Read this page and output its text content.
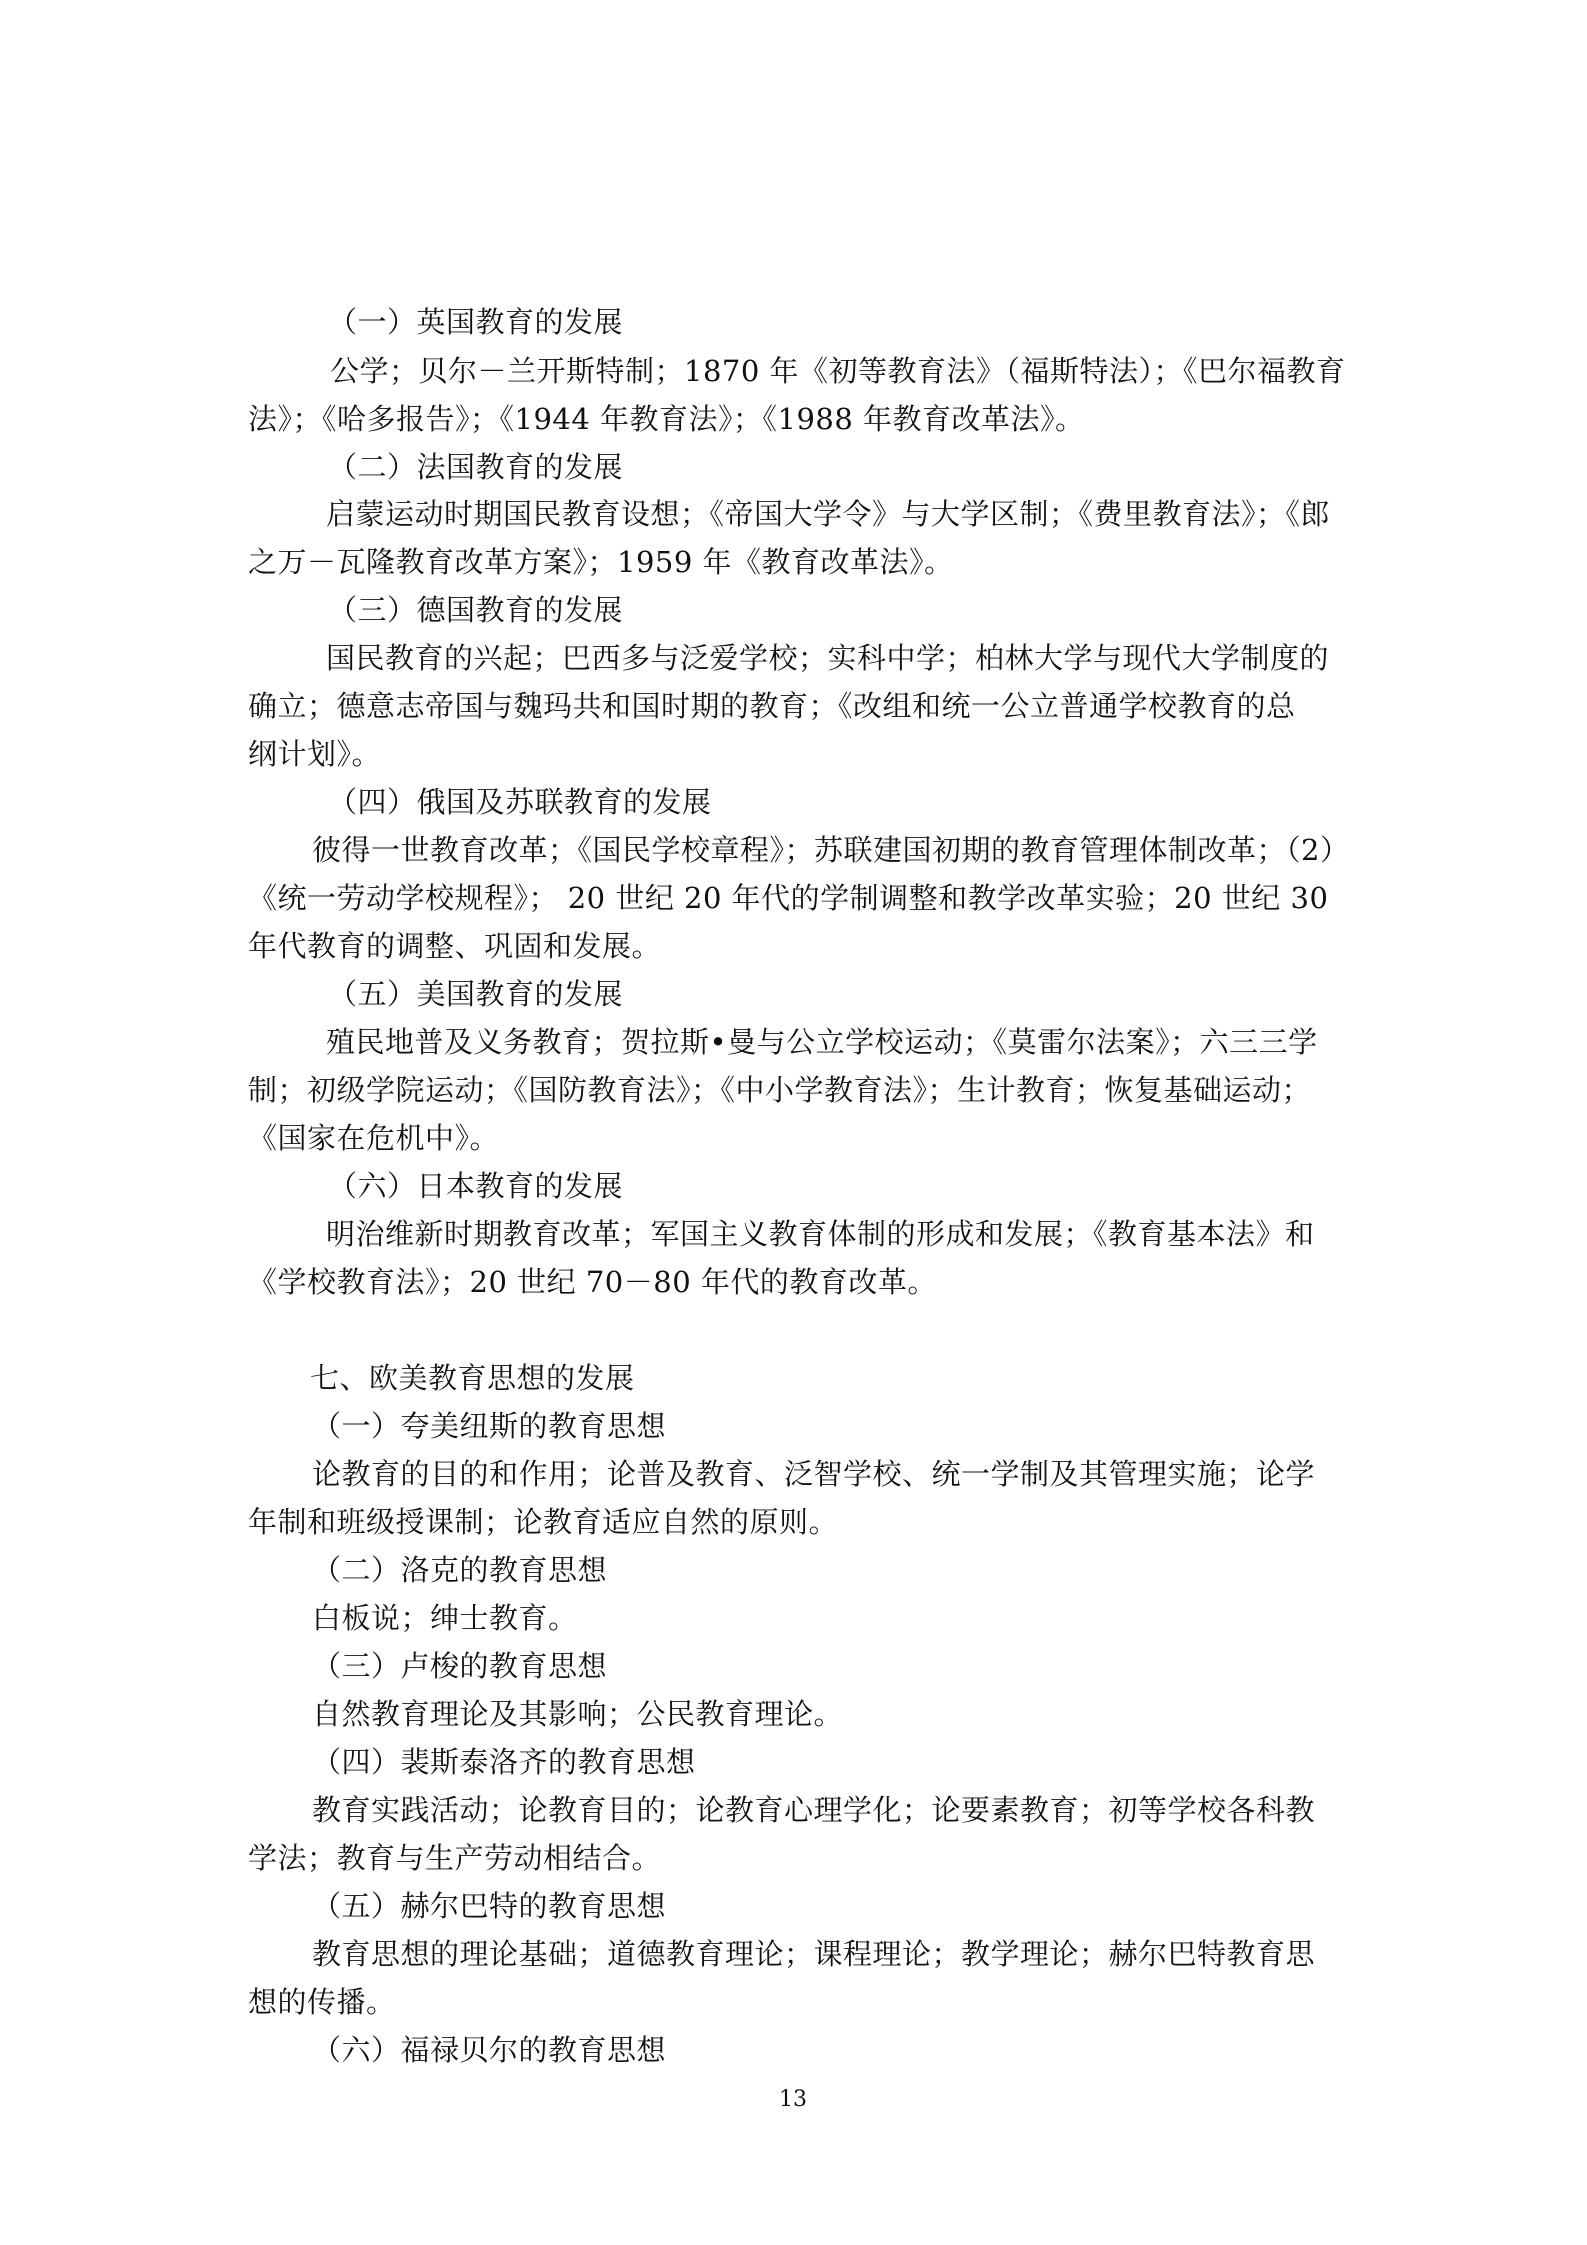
（一）英国教育的发展
公学；贝尔－兰开斯特制；1870 年《初等教育法》（福斯特法）；《巴尔福教育
法》；《哈多报告》；《1944 年教育法》；《1988 年教育改革法》。
（二）法国教育的发展
启蒙运动时期国民教育设想；《帝国大学令》与大学区制；《费里教育法》；《郎
之万－瓦隆教育改革方案》；1959 年《教育改革法》。
（三）德国教育的发展
国民教育的兴起；巴西多与泛爱学校；实科中学；柏林大学与现代大学制度的
确立；德意志帝国与魏玛共和国时期的教育；《改组和统一公立普通学校教育的总
纲计划》。
（四）俄国及苏联教育的发展
彼得一世教育改革；《国民学校章程》；苏联建国初期的教育管理体制改革；（2）
《统一劳动学校规程》； 20 世纪 20 年代的学制调整和教学改革实验；20 世纪 30
年代教育的调整、巩固和发展。
（五）美国教育的发展
殖民地普及义务教育；贺拉斯•曼与公立学校运动；《莫雷尔法案》；六三三学
制；初级学院运动；《国防教育法》；《中小学教育法》；生计教育；恢复基础运动；
《国家在危机中》。
（六）日本教育的发展
明治维新时期教育改革；军国主义教育体制的形成和发展；《教育基本法》和
《学校教育法》；20 世纪 70－80 年代的教育改革。
七、欧美教育思想的发展
（一）夸美纽斯的教育思想
论教育的目的和作用；论普及教育、泛智学校、统一学制及其管理实施；论学
年制和班级授课制；论教育适应自然的原则。
（二）洛克的教育思想
白板说；绅士教育。
（三）卢梭的教育思想
自然教育理论及其影响；公民教育理论。
（四）裴斯泰洛齐的教育思想
教育实践活动；论教育目的；论教育心理学化；论要素教育；初等学校各科教
学法；教育与生产劳动相结合。
（五）赫尔巴特的教育思想
教育思想的理论基础；道德教育理论；课程理论；教学理论；赫尔巴特教育思
想的传播。
（六）福禄贝尔的教育思想
13
